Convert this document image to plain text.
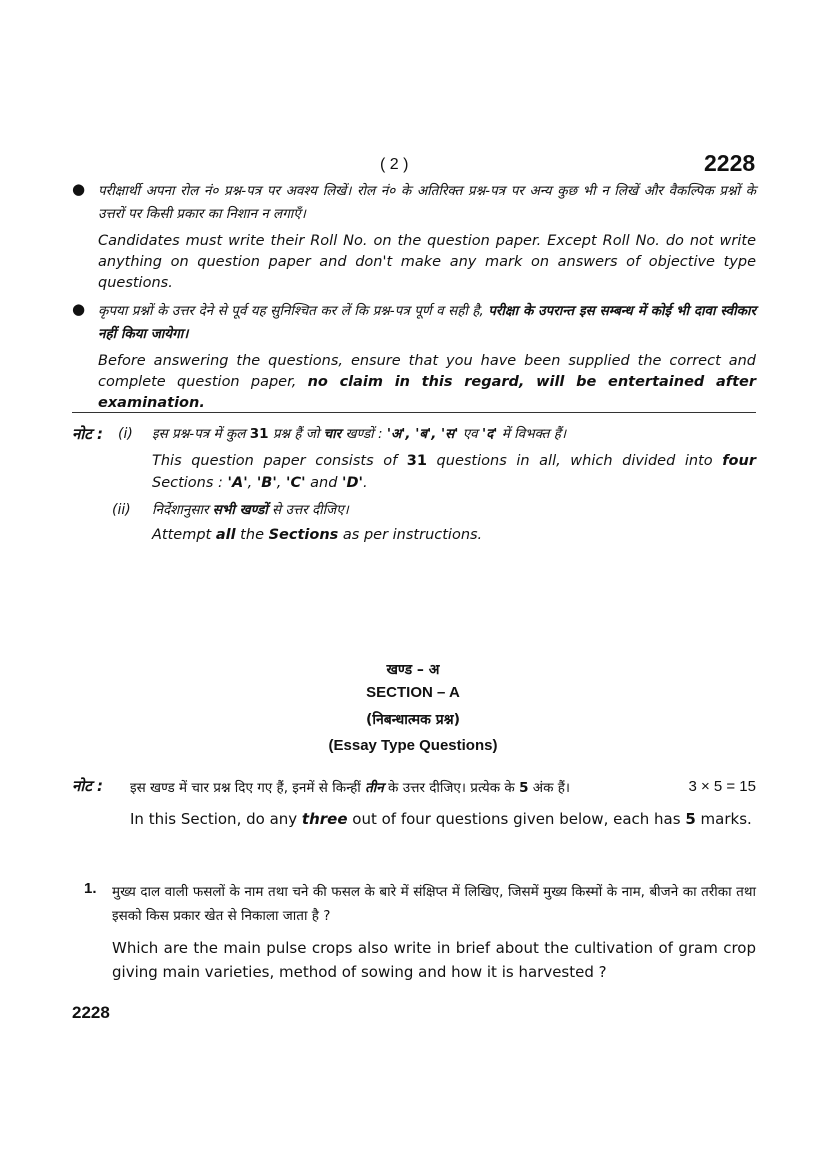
( 2 )	2228
● परीक्षार्थी अपना रोल नं० प्रश्न-पत्र पर अवश्य लिखें। रोल नं० के अतिरिक्त प्रश्न-पत्र पर अन्य कुछ भी न लिखें और वैकल्पिक प्रश्नों के उत्तरों पर किसी प्रकार का निशान न लगाएँ।
Candidates must write their Roll No. on the question paper. Except Roll No. do not write anything on question paper and don't make any mark on answers of objective type questions.
● कृपया प्रश्नों के उत्तर देने से पूर्व यह सुनिश्चित कर लें कि प्रश्न-पत्र पूर्ण व सही है, परीक्षा के उपरान्त इस सम्बन्ध में कोई भी दावा स्वीकार नहीं किया जायेगा।
Before answering the questions, ensure that you have been supplied the correct and complete question paper, no claim in this regard, will be entertained after examination.
नोट : (i) इस प्रश्न-पत्र में कुल 31 प्रश्न हैं जो चार खण्डों : 'अ', 'ब', 'स' एव 'द' में विभक्त हैं।
This question paper consists of 31 questions in all, which divided into four Sections : 'A', 'B', 'C' and 'D'.
(ii) निर्देशानुसार सभी खण्डों से उत्तर दीजिए।
Attempt all the Sections as per instructions.
खण्ड – अ
SECTION – A
(निबन्धात्मक प्रश्न)
(Essay Type Questions)
नोट : इस खण्ड में चार प्रश्न दिए गए हैं, इनमें से किन्हीं तीन के उत्तर दीजिए। प्रत्येक के 5 अंक हैं।	3 × 5 = 15
In this Section, do any three out of four questions given below, each has 5 marks.
1. मुख्य दाल वाली फसलों के नाम तथा चने की फसल के बारे में संक्षिप्त में लिखिए, जिसमें मुख्य किस्मों के नाम, बीजने का तरीका तथा इसको किस प्रकार खेत से निकाला जाता है ?
Which are the main pulse crops also write in brief about the cultivation of gram crop giving main varieties, method of sowing and how it is harvested ?
2228
